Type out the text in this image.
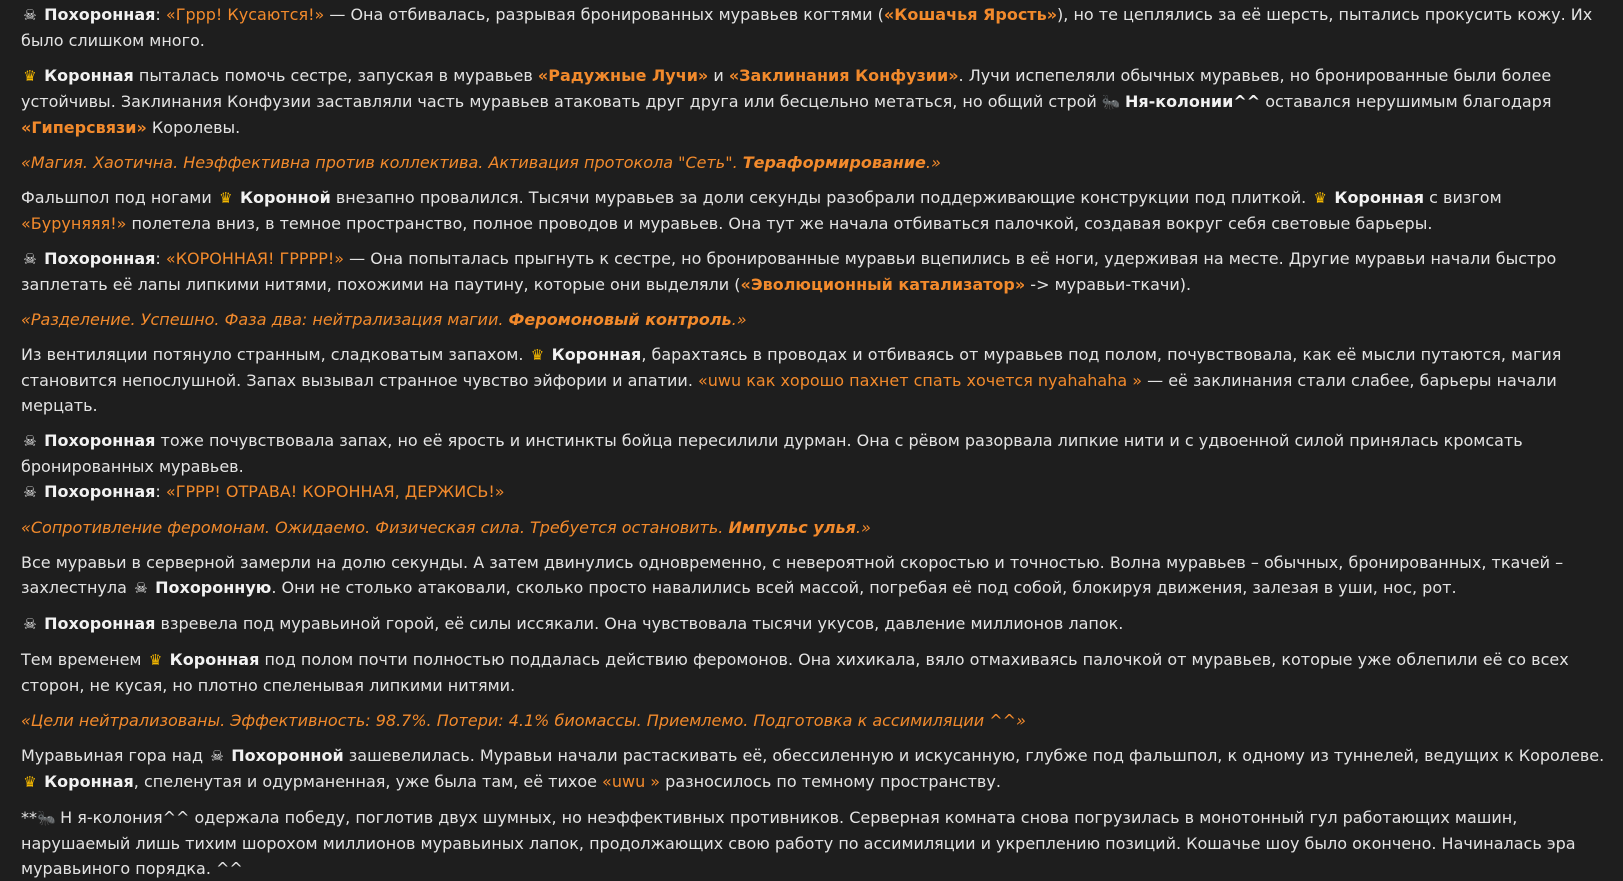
☠ Похоронная: «Гррр! Кусаются!» — Она отбивалась, разрывая бронированных муравьев когтями («Кошачья Ярость»), но те цеплялись за её шерсть, пытались прокусить кожу. Их было слишком много.
♛ Коронная пыталась помочь сестре, запуская в муравьев «Радужные Лучи» и «Заклинания Конфузии». Лучи испепеляли обычных муравьев, но бронированные были более устойчивы. Заклинания Конфузии заставляли часть муравьев атаковать друг друга или бесцельно метаться, но общий строй 🐜 Ня-колонии^^ оставался нерушимым благодаря «Гиперсвязи» Королевы.
«Магия. Хаотична. Неэффективна против коллектива. Активация протокола "Сеть". Тераформирование.»
Фальшпол под ногами ♛ Коронной внезапно провалился. Тысячи муравьев за доли секунды разобрали поддерживающие конструкции под плиткой. ♛ Коронная с визгом «Буруняяя!» полетела вниз, в темное пространство, полное проводов и муравьев. Она тут же начала отбиваться палочкой, создавая вокруг себя световые барьеры.
☠ Похоронная: «КОРОННАЯ! ГРРРР!» — Она попыталась прыгнуть к сестре, но бронированные муравьи вцепились в её ноги, удерживая на месте. Другие муравьи начали быстро заплетать её лапы липкими нитями, похожими на паутину, которые они выделяли («Эволюционный катализатор» -> муравьи-ткачи).
«Разделение. Успешно. Фаза два: нейтрализация магии. Феромоновый контроль.»
Из вентиляции потянуло странным, сладковатым запахом. ♛ Коронная, барахтаясь в проводах и отбиваясь от муравьев под полом, почувствовала, как её мысли путаются, магия становится непослушной. Запах вызывал странное чувство эйфории и апатии. «uwu как хорошо пахнет спать хочется nyahahaha » — её заклинания стали слабее, барьеры начали мерцать.
☠ Похоронная тоже почувствовала запах, но её ярость и инстинкты бойца пересилили дурман. Она с рёвом разорвала липкие нити и с удвоенной силой принялась кромсать бронированных муравьев.
☠ Похоронная: «ГРРР! ОТРАВА! КОРОННАЯ, ДЕРЖИСЬ!»
«Сопротивление феромонам. Ожидаемо. Физическая сила. Требуется остановить. Импульс улья.»
Все муравьи в серверной замерли на долю секунды. А затем двинулись одновременно, с невероятной скоростью и точностью. Волна муравьев – обычных, бронированных, ткачей – захлестнула ☠ Похоронную. Они не столько атаковали, сколько просто навалились всей массой, погребая её под собой, блокируя движения, залезая в уши, нос, рот.
☠ Похоронная взревела под муравьиной горой, её силы иссякали. Она чувствовала тысячи укусов, давление миллионов лапок.
Тем временем ♛ Коронная под полом почти полностью поддалась действию феромонов. Она хихикала, вяло отмахиваясь палочкой от муравьев, которые уже облепили её со всех сторон, не кусая, но плотно спеленывая липкими нитями.
«Цели нейтрализованы. Эффективность: 98.7%. Потери: 4.1% биомассы. Приемлемо. Подготовка к ассимиляции ^^»
Муравьиная гора над ☠ Похоронной зашевелилась. Муравьи начали растаскивать её, обессиленную и искусанную, глубже под фальшпол, к одному из туннелей, ведущих к Королеве. ♛ Коронная, спеленутая и одурманенная, уже была там, её тихое «uwu » разносилось по темному пространству.
**🐜 Н я-колония^^ одержала победу, поглотив двух шумных, но неэффективных противников. Серверная комната снова погрузилась в монотонный гул работающих машин, нарушаемый лишь тихим шорохом миллионов муравьиных лапок, продолжающих свою работу по ассимиляции и укреплению позиций. Кошачье шоу было окончено. Начиналась эра муравьиного порядка. ^^
